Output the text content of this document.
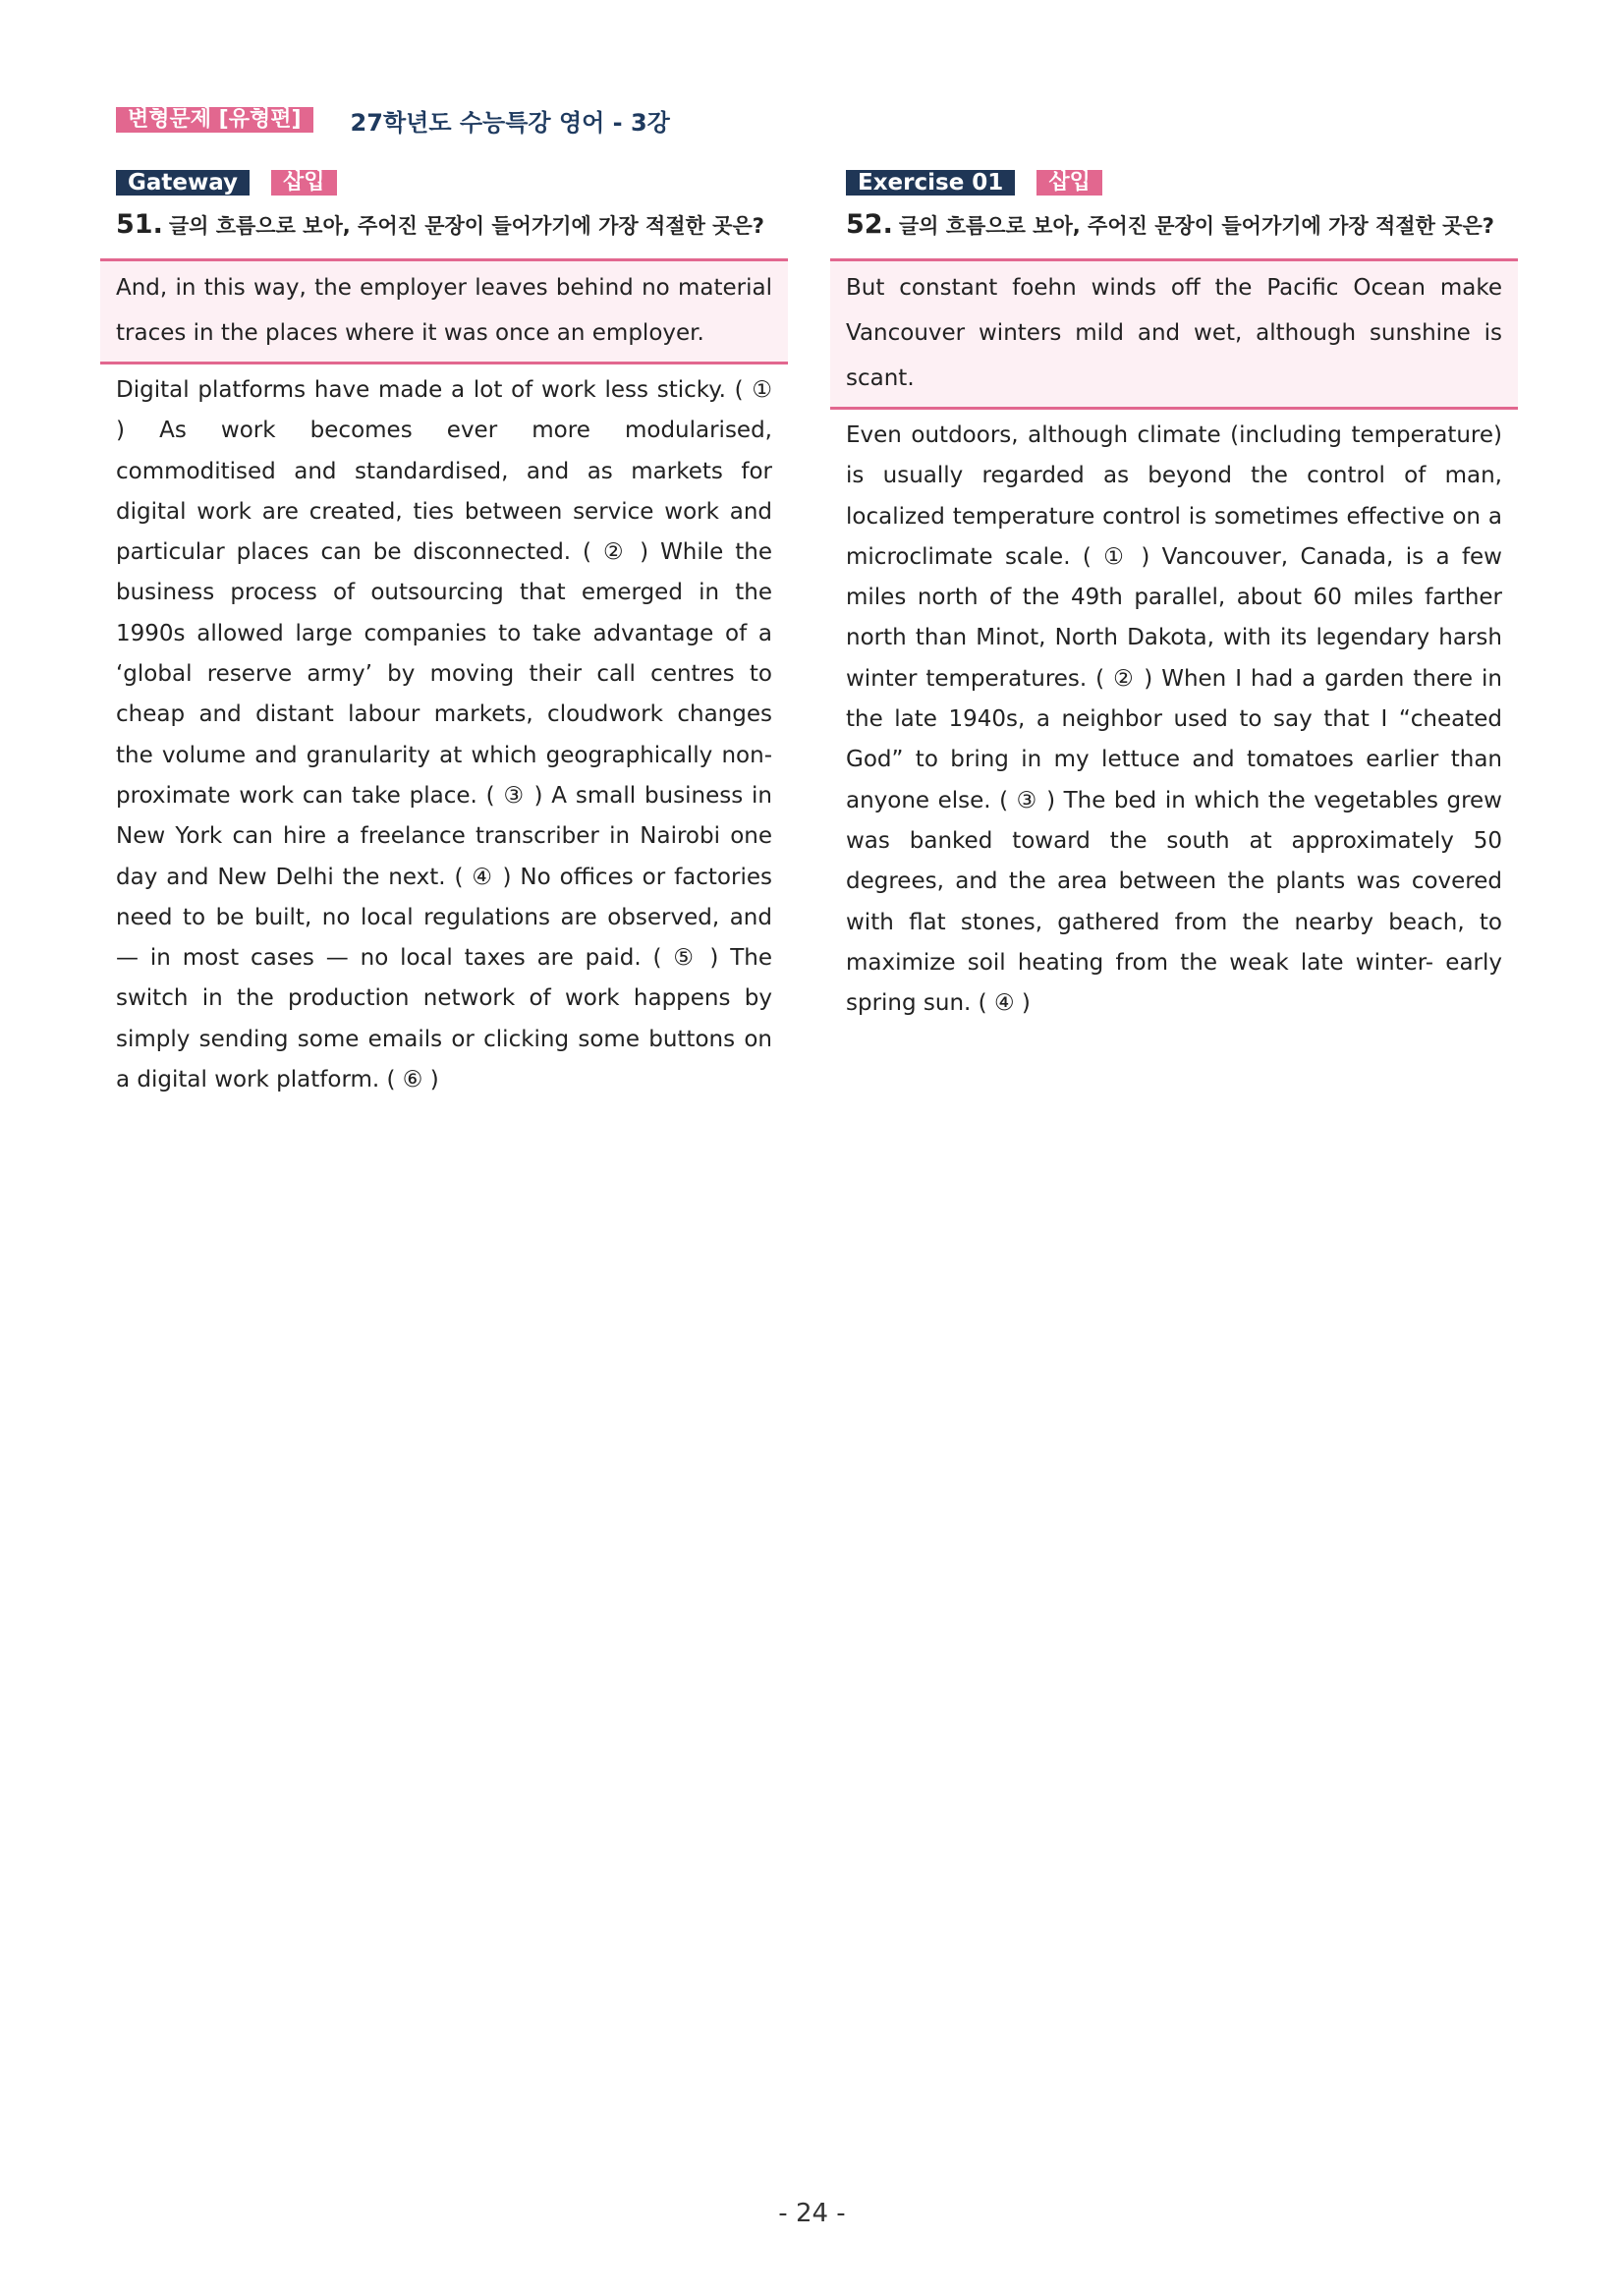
변형문제 [유형편]	27학년도 수능특강 영어 - 3강
Gateway	삽입
51. 글의 흐름으로 보아, 주어진 문장이 들어가기에 가장 적절한 곳은?
And, in this way, the employer leaves behind no material traces in the places where it was once an employer.
Digital platforms have made a lot of work less sticky. ( ① ) As work becomes ever more modularised, commoditised and standardised, and as markets for digital work are created, ties between service work and particular places can be disconnected. ( ② ) While the business process of outsourcing that emerged in the 1990s allowed large companies to take advantage of a ‘global reserve army’ by moving their call centres to cheap and distant labour markets, cloudwork changes the volume and granularity at which geographically non-proximate work can take place. ( ③ ) A small business in New York can hire a freelance transcriber in Nairobi one day and New Delhi the next. ( ④ ) No offices or factories need to be built, no local regulations are observed, and — in most cases — no local taxes are paid. ( ⑤ ) The switch in the production network of work happens by simply sending some emails or clicking some buttons on a digital work platform. ( ⑥ )
Exercise 01	삽입
52. 글의 흐름으로 보아, 주어진 문장이 들어가기에 가장 적절한 곳은?
But constant foehn winds off the Pacific Ocean make Vancouver winters mild and wet, although sunshine is scant.
Even outdoors, although climate (including temperature) is usually regarded as beyond the control of man, localized temperature control is sometimes effective on a microclimate scale. ( ① ) Vancouver, Canada, is a few miles north of the 49th parallel, about 60 miles farther north than Minot, North Dakota, with its legendary harsh winter temperatures. ( ② ) When I had a garden there in the late 1940s, a neighbor used to say that I “cheated God” to bring in my lettuce and tomatoes earlier than anyone else. ( ③ ) The bed in which the vegetables grew was banked toward the south at approximately 50 degrees, and the area between the plants was covered with flat stones, gathered from the nearby beach, to maximize soil heating from the weak late winter- early spring sun. ( ④ )
- 24 -
